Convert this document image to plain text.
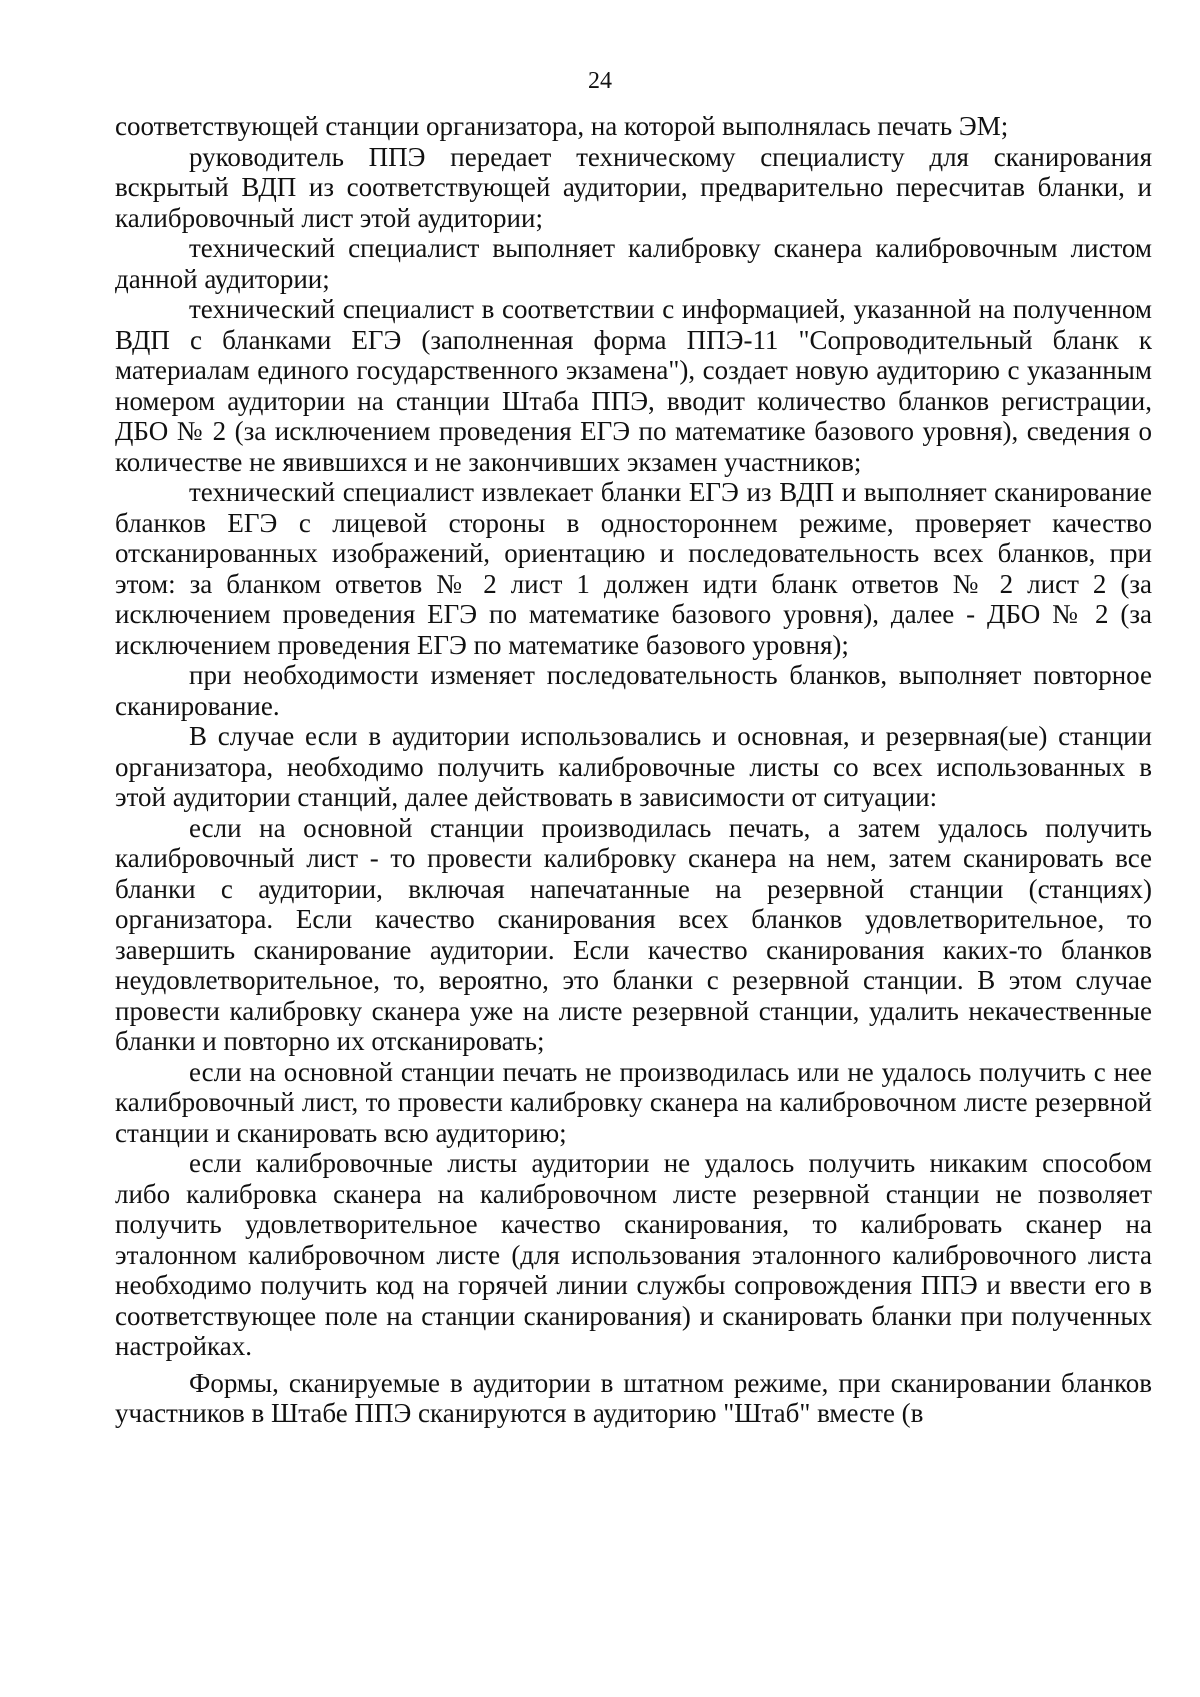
24

соответствующей станции организатора, на которой выполнялась печать ЭМ;

руководитель ППЭ передает техническому специалисту для сканирования вскрытый ВДП из соответствующей аудитории, предварительно пересчитав бланки, и калибровочный лист этой аудитории;

технический специалист выполняет калибровку сканера калибровочным листом данной аудитории;

технический специалист в соответствии с информацией, указанной на полученном ВДП с бланками ЕГЭ (заполненная форма ППЭ-11 "Сопроводительный бланк к материалам единого государственного экзамена"), создает новую аудиторию с указанным номером аудитории на станции Штаба ППЭ, вводит количество бланков регистрации, ДБО № 2 (за исключением проведения ЕГЭ по математике базового уровня), сведения о количестве не явившихся и не закончивших экзамен участников;

технический специалист извлекает бланки ЕГЭ из ВДП и выполняет сканирование бланков ЕГЭ с лицевой стороны в одностороннем режиме, проверяет качество отсканированных изображений, ориентацию и последовательность всех бланков, при этом: за бланком ответов № 2 лист 1 должен идти бланк ответов № 2 лист 2 (за исключением проведения ЕГЭ по математике базового уровня), далее - ДБО № 2 (за исключением проведения ЕГЭ по математике базового уровня);

при необходимости изменяет последовательность бланков, выполняет повторное сканирование.

В случае если в аудитории использовались и основная, и резервная(ые) станции организатора, необходимо получить калибровочные листы со всех использованных в этой аудитории станций, далее действовать в зависимости от ситуации:

если на основной станции производилась печать, а затем удалось получить калибровочный лист - то провести калибровку сканера на нем, затем сканировать все бланки с аудитории, включая напечатанные на резервной станции (станциях) организатора. Если качество сканирования всех бланков удовлетворительное, то завершить сканирование аудитории. Если качество сканирования каких-то бланков неудовлетворительное, то, вероятно, это бланки с резервной станции. В этом случае провести калибровку сканера уже на листе резервной станции, удалить некачественные бланки и повторно их отсканировать;

если на основной станции печать не производилась или не удалось получить с нее калибровочный лист, то провести калибровку сканера на калибровочном листе резервной станции и сканировать всю аудиторию;

если калибровочные листы аудитории не удалось получить никаким способом либо калибровка сканера на калибровочном листе резервной станции не позволяет получить удовлетворительное качество сканирования, то калибровать сканер на эталонном калибровочном листе (для использования эталонного калибровочного листа необходимо получить код на горячей линии службы сопровождения ППЭ и ввести его в соответствующее поле на станции сканирования) и сканировать бланки при полученных настройках.

Формы, сканируемые в аудитории в штатном режиме, при сканировании бланков участников в Штабе ППЭ сканируются в аудиторию "Штаб" вместе (в
